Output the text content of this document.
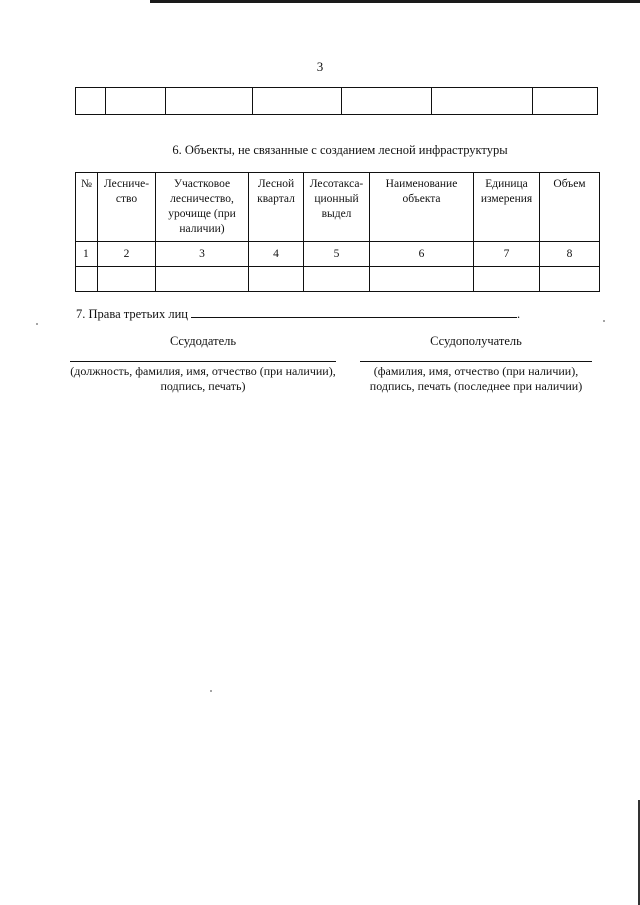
3

6. Объекты, не связанные с созданием лесной инфраструктуры
№	Лесниче-ство	Участковое лесничество, урочище (при наличии)	Лесной квартал	Лесотакса-ционный выдел	Наименование объекта	Единица измерения	Объем
1	2	3	4	5	6	7	8

7. Права третьих лиц	.
Ссудодатель
(должность, фамилия, имя, отчество (при наличии), подпись, печать)
Ссудополучатель
(фамилия, имя, отчество (при наличии), подпись, печать (последнее при наличии)
